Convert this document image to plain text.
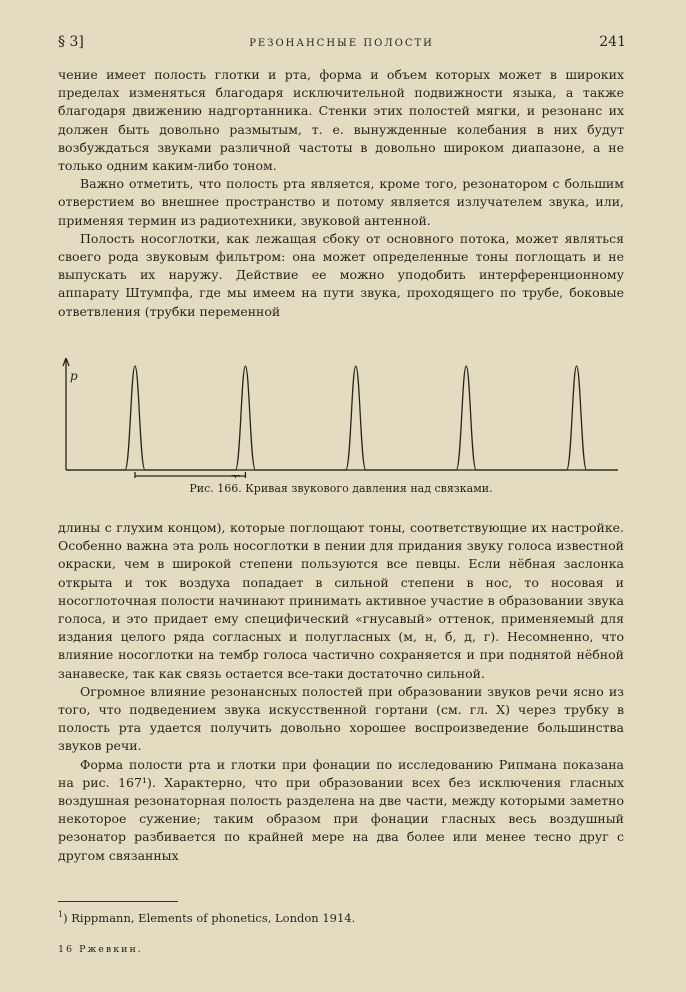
§ 3]	РЕЗОНАНСНЫЕ ПОЛОСТИ	241

чение имеет полость глотки и рта, форма и объем которых может в широких пределах изменяться благодаря исключительной подвижности языка, а также благодаря движению надгортанника. Стенки этих полостей мягки, и резонанс их должен быть довольно размытым, т. е. вынужденные колебания в них будут возбуждаться звуками различной частоты в довольно широком диапазоне, а не только одним каким-либо тоном.

Важно отметить, что полость рта является, кроме того, резонатором с большим отверстием во внешнее пространство и потому является излучателем звука, или, применяя термин из радиотехники, звуковой антенной.

Полость носоглотки, как лежащая сбоку от основного потока, может являться своего рода звуковым фильтром: она может определенные тоны поглощать и не выпускать их наружу. Действие ее можно уподобить интерференционному аппарату Штумпфа, где мы имеем на пути звука, проходящего по трубе, боковые ответвления (трубки переменной

p
Рис. 166. Кривая звукового давления над связками.

длины с глухим концом), которые поглощают тоны, соответствующие их настройке. Особенно важна эта роль носоглотки в пении для придания звуку голоса известной окраски, чем в широкой степени пользуются все певцы. Если нёбная заслонка открыта и ток воздуха попадает в сильной степени в нос, то носовая и носоглоточная полости начинают принимать активное участие в образовании звука голоса, и это придает ему специфический «гнусавый» оттенок, применяемый для издания целого ряда согласных и полугласных (м, н, б, д, г). Несомненно, что влияние носоглотки на тембр голоса частично сохраняется и при поднятой нёбной занавеске, так как связь остается все-таки достаточно сильной.

Огромное влияние резонансных полостей при образовании звуков речи ясно из того, что подведением звука искусственной гортани (см. гл. X) через трубку в полость рта удается получить довольно хорошее воспроизведение большинства звуков речи.

Форма полости рта и глотки при фонации по исследованию Рипмана показана на рис. 167¹). Характерно, что при образовании всех без исключения гласных воздушная резонаторная полость разделена на две части, между которыми заметно некоторое сужение; таким образом при фонации гласных весь воздушный резонатор разбивается по крайней мере на два более или менее тесно друг с другом связанных

$^1$) Rippmann, Elements of phonetics, London 1914.
16 Ржевкин.
